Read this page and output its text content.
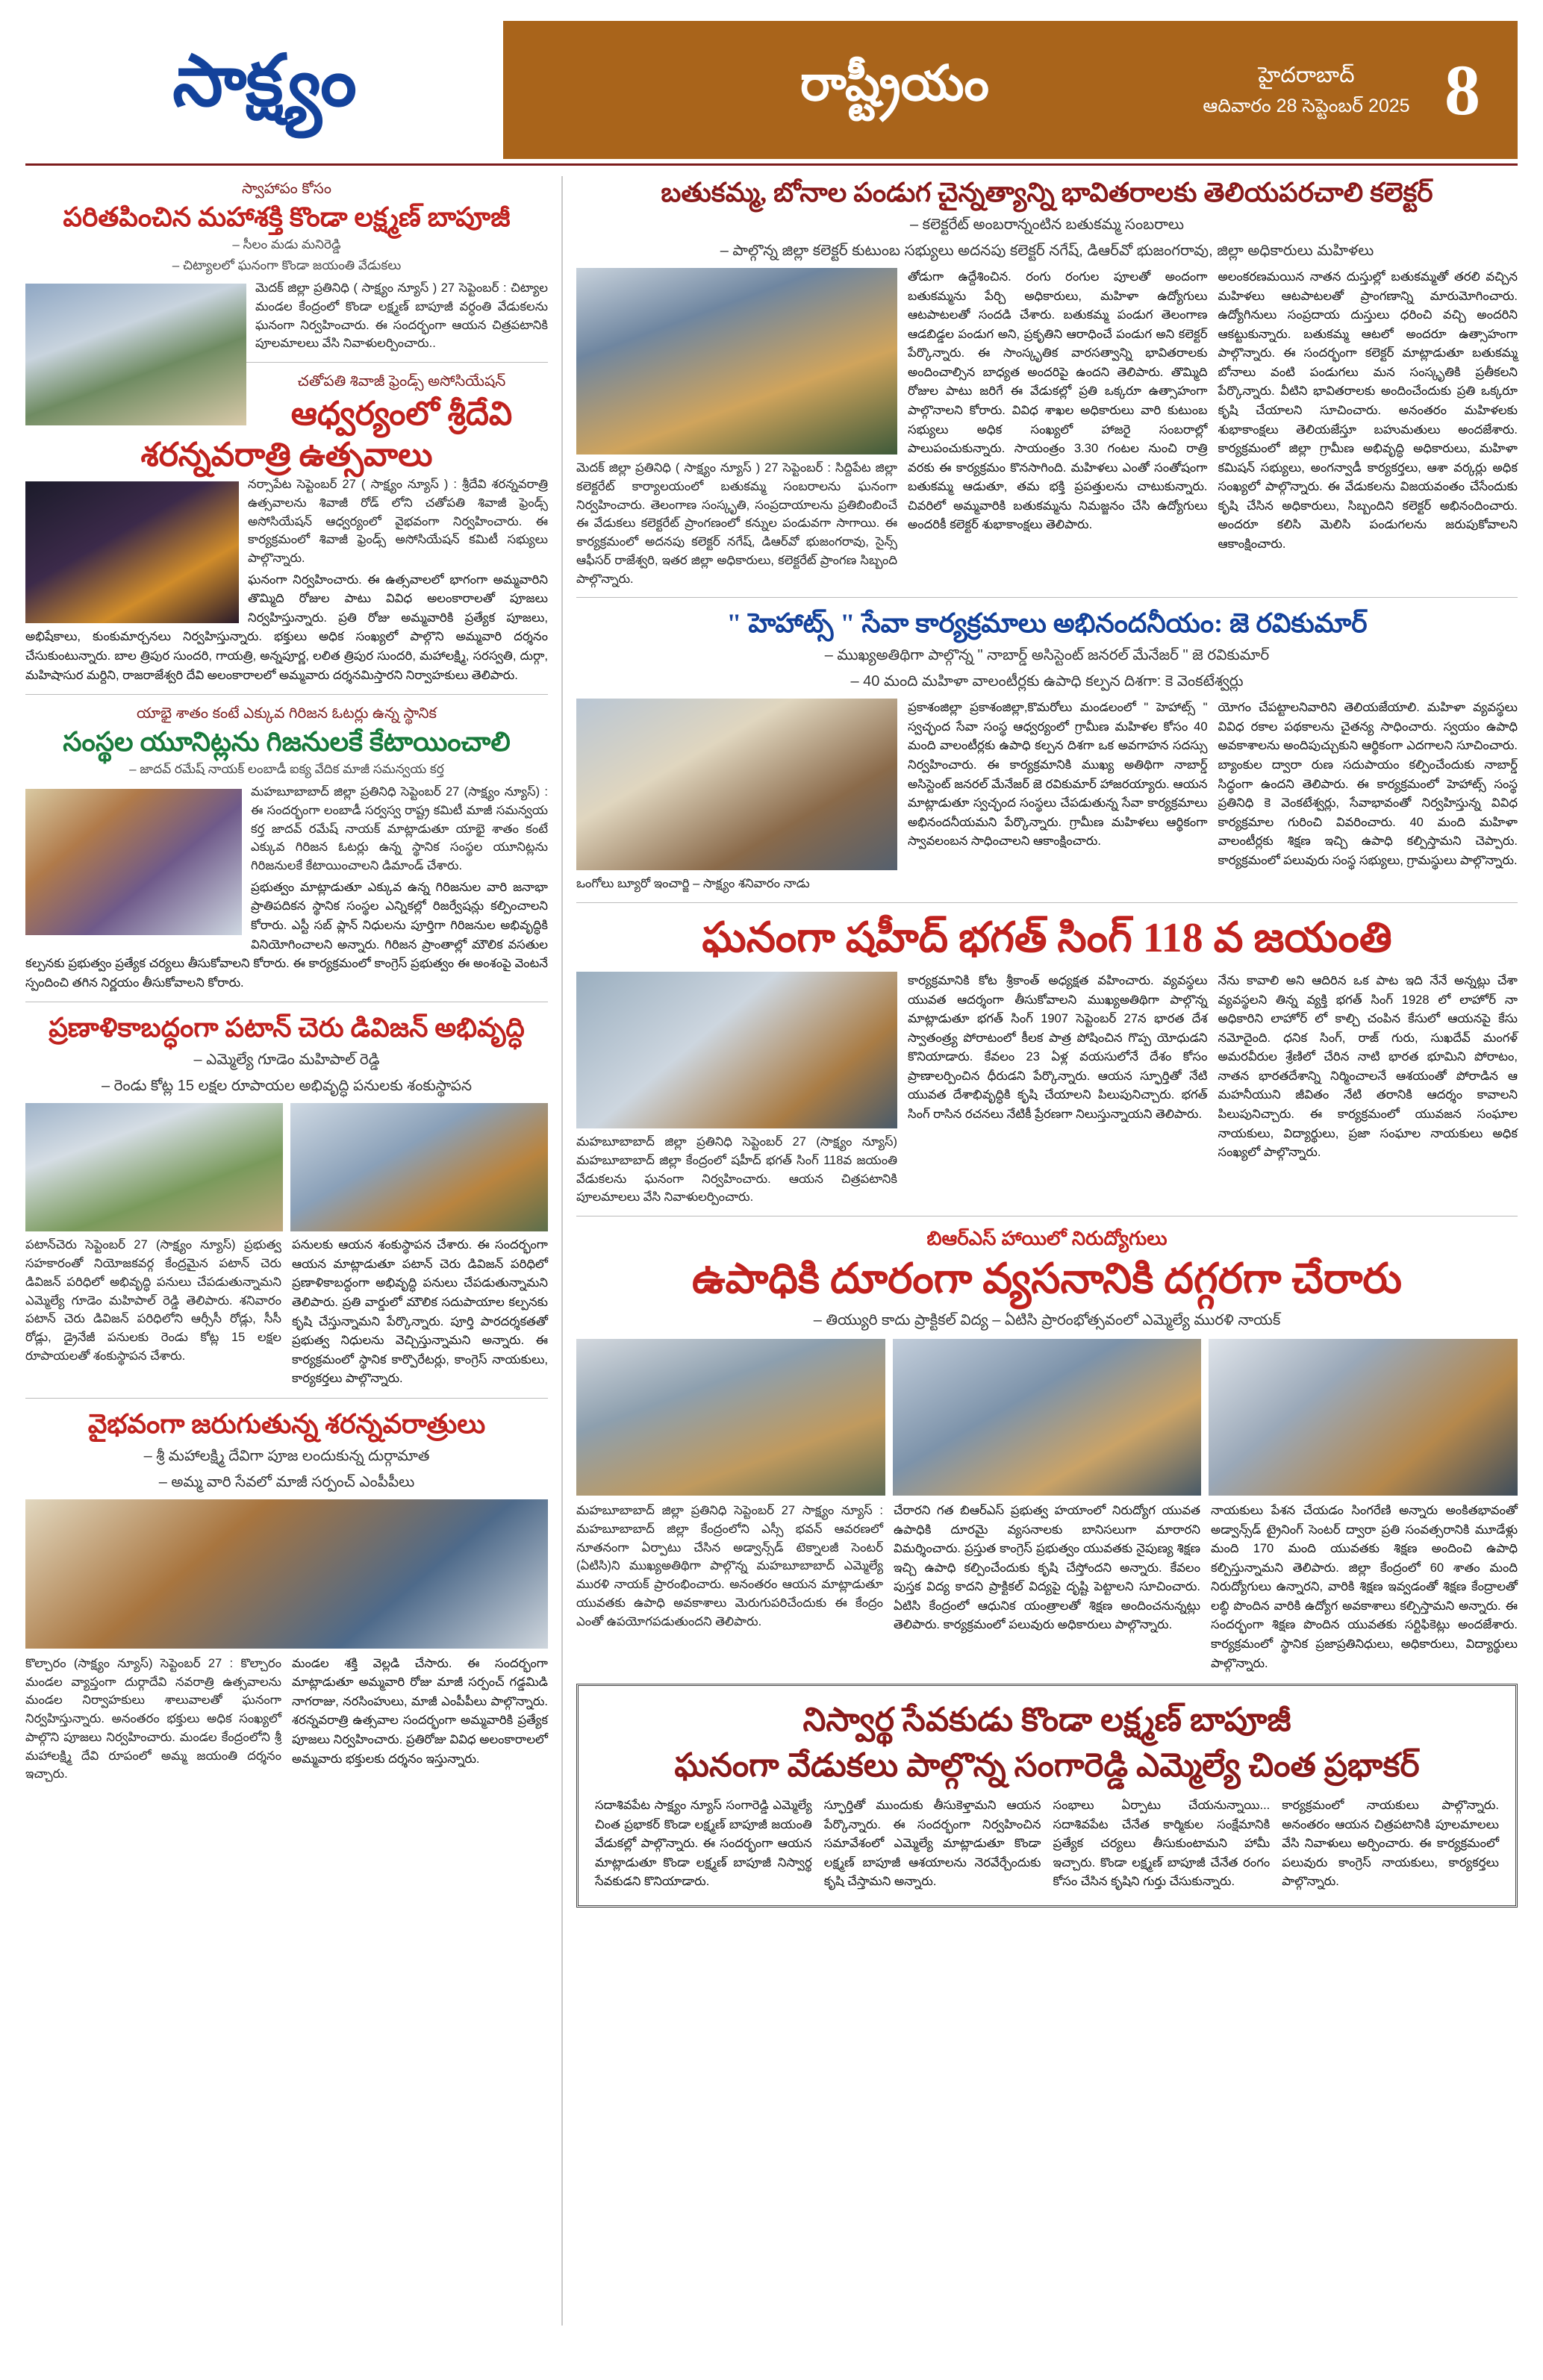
సాక్ష్యం	రాష్ట్రీయం	హైదరాబాద్
ఆదివారం 28 సెప్టెంబర్ 2025 8
స్వాహాపం కోసం
పరితపించిన మహాశక్తి కొండా లక్ష్మణ్ బాపూజీ
– సీలం మడు మనిరెడ్డి
– చిట్యాలలో ఘనంగా కొండా జయంతి వేడుకలు
మెదక్ జిల్లా ప్రతినిధి ( సాక్ష్యం న్యూస్ ) 27 సెప్టెంబర్ : చిట్యాల మండల కేంద్రంలో కొండా లక్ష్మణ్ బాపూజీ వర్ధంతి వేడుకలను ఘనంగా నిర్వహించారు. ఈ సందర్భంగా ఆయన చిత్రపటానికి పూలమాలలు వేసి నివాళులర్పించారు..
చతోపతి శివాజీ ఫ్రెండ్స్ అసోసియేషన్
ఆధ్వర్యంలో శ్రీదేవి శరన్నవరాత్రి ఉత్సవాలు
నర్సాపేట సెప్టెంబర్ 27 ( సాక్ష్యం న్యూస్ ) : శ్రీదేవి శరన్నవరాత్రి ఉత్సవాలను శివాజీ రోడ్ లోని చతోపతి శివాజీ ఫ్రెండ్స్ అసోసియేషన్ ఆధ్వర్యంలో వైభవంగా నిర్వహించారు. ఈ కార్యక్రమంలో శివాజీ ఫ్రెండ్స్ అసోసియేషన్ కమిటీ సభ్యులు పాల్గొన్నారు.
ఘనంగా నిర్వహించారు. ఈ ఉత్సవాలలో భాగంగా అమ్మవారిని తొమ్మిది రోజుల పాటు వివిధ అలంకారాలతో పూజలు నిర్వహిస్తున్నారు. ప్రతి రోజు అమ్మవారికి ప్రత్యేక పూజలు, అభిషేకాలు, కుంకుమార్చనలు నిర్వహిస్తున్నారు. భక్తులు అధిక సంఖ్యలో పాల్గొని అమ్మవారి దర్శనం చేసుకుంటున్నారు. బాల త్రిపుర సుందరి, గాయత్రి, అన్నపూర్ణ, లలిత త్రిపుర సుందరి, మహాలక్ష్మి, సరస్వతి, దుర్గా, మహిషాసుర మర్దిని, రాజరాజేశ్వరి దేవి అలంకారాలలో అమ్మవారు దర్శనమిస్తారని నిర్వాహకులు తెలిపారు.
యాభై శాతం కంటే ఎక్కువ గిరిజన ఓటర్లు ఉన్న స్థానిక
సంస్థల యూనిట్లను గిజనులకే కేటాయించాలి
– జాదవ్ రమేష్ నాయక్ లంబాడీ ఐక్య వేదిక మాజీ సమన్వయ కర్త
మహబూబాబాద్ జిల్లా ప్రతినిధి సెప్టెంబర్ 27 (సాక్ష్యం న్యూస్) : ఈ సందర్భంగా లంబాడీ సర్వస్వ రాష్ట్ర కమిటీ మాజీ సమన్వయ కర్త జాదవ్ రమేష్ నాయక్ మాట్లాడుతూ యాభై శాతం కంటే ఎక్కువ గిరిజన ఓటర్లు ఉన్న స్థానిక సంస్థల యూనిట్లను గిరిజనులకే కేటాయించాలని డిమాండ్ చేశారు.
ప్రభుత్వం మాట్లాడుతూ ఎక్కువ ఉన్న గిరిజనుల వారి జనాభా ప్రాతిపదికన స్థానిక సంస్థల ఎన్నికల్లో రిజర్వేషన్లు కల్పించాలని కోరారు. ఎస్టీ సబ్ ప్లాన్ నిధులను పూర్తిగా గిరిజనుల అభివృద్ధికి వినియోగించాలని అన్నారు. గిరిజన ప్రాంతాల్లో మౌలిక వసతుల కల్పనకు ప్రభుత్వం ప్రత్యేక చర్యలు తీసుకోవాలని కోరారు. ఈ కార్యక్రమంలో కాంగ్రెస్ ప్రభుత్వం ఈ అంశంపై వెంటనే స్పందించి తగిన నిర్ణయం తీసుకోవాలని కోరారు.
ప్రణాళికాబద్ధంగా పటాన్ చెరు డివిజన్ అభివృద్ధి
– ఎమ్మెల్యే గూడెం మహిపాల్ రెడ్డి
– రెండు కోట్ల 15 లక్షల రూపాయల అభివృద్ధి పనులకు శంకుస్థాపన
పటాన్‌చెరు సెప్టెంబర్ 27 (సాక్ష్యం న్యూస్) ప్రభుత్వ సహకారంతో నియోజకవర్గ కేంద్రమైన పటాన్ చెరు డివిజన్ పరిధిలో అభివృద్ధి పనులు చేపడుతున్నామని ఎమ్మెల్యే గూడెం మహిపాల్ రెడ్డి తెలిపారు. శనివారం పటాన్ చెరు డివిజన్ పరిధిలోని ఆర్సీసీ రోడ్లు, సీసీ రోడ్లు, డ్రైనేజీ పనులకు రెండు కోట్ల 15 లక్షల రూపాయలతో శంకుస్థాపన చేశారు.
పనులకు ఆయన శంకుస్థాపన చేశారు. ఈ సందర్భంగా ఆయన మాట్లాడుతూ పటాన్ చెరు డివిజన్ పరిధిలో ప్రణాళికాబద్ధంగా అభివృద్ధి పనులు చేపడుతున్నామని తెలిపారు. ప్రతి వార్డులో మౌలిక సదుపాయాల కల్పనకు కృషి చేస్తున్నామని పేర్కొన్నారు. పూర్తి పారదర్శకతతో ప్రభుత్వ నిధులను వెచ్చిస్తున్నామని అన్నారు. ఈ కార్యక్రమంలో స్థానిక కార్పొరేటర్లు, కాంగ్రెస్ నాయకులు, కార్యకర్తలు పాల్గొన్నారు.
వైభవంగా జరుగుతున్న శరన్నవరాత్రులు
– శ్రీ మహాలక్ష్మి దేవిగా పూజ లందుకున్న దుర్గామాత
– అమ్మ వారి సేవలో మాజీ సర్పంచ్ ఎంపీపీలు
కొల్చారం (సాక్ష్యం న్యూస్) సెప్టెంబర్ 27 : కొల్చారం మండల వ్యాప్తంగా దుర్గాదేవి నవరాత్రి ఉత్సవాలను మండల నిర్వాహకులు శాలువాలతో ఘనంగా నిర్వహిస్తున్నారు. అనంతరం భక్తులు అధిక సంఖ్యలో పాల్గొని పూజలు నిర్వహించారు. మండల కేంద్రంలోని శ్రీ మహాలక్ష్మి దేవి రూపంలో అమ్మ జయంతి దర్శనం ఇచ్చారు.
మండల శక్తి వెల్లడి చేసారు. ఈ సందర్భంగా మాట్లాడుతూ అమ్మవారి రోజు మాజీ సర్పంచ్ గడ్డమిడి నాగరాజు, నరసింహులు, మాజీ ఎంపీపీలు పాల్గొన్నారు. శరన్నవరాత్రి ఉత్సవాల సందర్భంగా అమ్మవారికి ప్రత్యేక పూజలు నిర్వహించారు. ప్రతిరోజు వివిధ అలంకారాలలో అమ్మవారు భక్తులకు దర్శనం ఇస్తున్నారు.
బతుకమ్మ, బోనాల పండుగ చైన్నత్యాన్ని భావితరాలకు తెలియపరచాలి కలెక్టర్
– కలెక్టరేట్ అంబరాన్నంటిన బతుకమ్మ సంబరాలు
– పాల్గొన్న జిల్లా కలెక్టర్ కుటుంబ సభ్యులు అదనపు కలెక్టర్ నగేష్, డిఆర్‌వో భుజంగరావు, జిల్లా అధికారులు మహిళలు
మెదక్ జిల్లా ప్రతినిధి ( సాక్ష్యం న్యూస్ ) 27 సెప్టెంబర్ : సిద్దిపేట జిల్లా కలెక్టరేట్ కార్యాలయంలో బతుకమ్మ సంబరాలను ఘనంగా నిర్వహించారు. తెలంగాణ సంస్కృతి, సంప్రదాయాలను ప్రతిబింబించే ఈ వేడుకలు కలెక్టరేట్ ప్రాంగణంలో కన్నుల పండువగా సాగాయి. ఈ కార్యక్రమంలో అదనపు కలెక్టర్ నగేష్, డిఆర్‌వో భుజంగరావు, సైన్స్ ఆఫీసర్ రాజేశ్వరి, ఇతర జిల్లా అధికారులు, కలెక్టరేట్ ప్రాంగణ సిబ్బంది పాల్గొన్నారు.
తోడుగా ఉద్దేశించిన. రంగు రంగుల పూలతో అందంగా బతుకమ్మను పేర్చి అధికారులు, మహిళా ఉద్యోగులు ఆటపాటలతో సందడి చేశారు. బతుకమ్మ పండుగ తెలంగాణ ఆడబిడ్డల పండుగ అని, ప్రకృతిని ఆరాధించే పండుగ అని కలెక్టర్ పేర్కొన్నారు. ఈ సాంస్కృతిక వారసత్వాన్ని భావితరాలకు అందించాల్సిన బాధ్యత అందరిపై ఉందని తెలిపారు. తొమ్మిది రోజుల పాటు జరిగే ఈ వేడుకల్లో ప్రతి ఒక్కరూ ఉత్సాహంగా పాల్గొనాలని కోరారు. వివిధ శాఖల అధికారులు వారి కుటుంబ సభ్యులు అధిక సంఖ్యలో హాజరై సంబరాల్లో పాలుపంచుకున్నారు. సాయంత్రం 3.30 గంటల నుంచి రాత్రి వరకు ఈ కార్యక్రమం కొనసాగింది. మహిళలు ఎంతో సంతోషంగా బతుకమ్మ ఆడుతూ, తమ భక్తి ప్రపత్తులను చాటుకున్నారు. చివరిలో అమ్మవారికి బతుకమ్మను నిమజ్జనం చేసి ఉద్యోగులు అందరికీ కలెక్టర్ శుభాకాంక్షలు తెలిపారు.
అలంకరణమయిన నాతన దుస్తుల్లో బతుకమ్మతో తరలి వచ్చిన మహిళలు ఆటపాటలతో ప్రాంగణాన్ని మారుమోగించారు. ఉద్యోగినులు సంప్రదాయ దుస్తులు ధరించి వచ్చి అందరిని ఆకట్టుకున్నారు. బతుకమ్మ ఆటలో అందరూ ఉత్సాహంగా పాల్గొన్నారు. ఈ సందర్భంగా కలెక్టర్ మాట్లాడుతూ బతుకమ్మ బోనాలు వంటి పండుగలు మన సంస్కృతికి ప్రతీకలని పేర్కొన్నారు. వీటిని భావితరాలకు అందించేందుకు ప్రతి ఒక్కరూ కృషి చేయాలని సూచించారు. అనంతరం మహిళలకు శుభాకాంక్షలు తెలియజేస్తూ బహుమతులు అందజేశారు. కార్యక్రమంలో జిల్లా గ్రామీణ అభివృద్ధి అధికారులు, మహిళా కమిషన్ సభ్యులు, అంగన్వాడీ కార్యకర్తలు, ఆశా వర్కర్లు అధిక సంఖ్యలో పాల్గొన్నారు. ఈ వేడుకలను విజయవంతం చేసేందుకు కృషి చేసిన అధికారులు, సిబ్బందిని కలెక్టర్ అభినందించారు. అందరూ కలిసి మెలిసి పండుగలను జరుపుకోవాలని ఆకాంక్షించారు.
" హెహాట్స్ " సేవా కార్యక్రమాలు అభినందనీయం: జె రవికుమార్
– ముఖ్యఅతిథిగా పాల్గొన్న " నాబార్డ్ అసిస్టెంట్ జనరల్ మేనేజర్ " జె రవికుమార్
– 40 మంది మహిళా వాలంటీర్లకు ఉపాధి కల్పన దిశగా: కె వెంకటేశ్వర్లు
ఒంగోలు బ్యూరో ఇంచార్జి – సాక్ష్యం శనివారం నాడు
ప్రకాశంజిల్లా ప్రకాశంజిల్లా,కొమరోలు మండలంలో " హెహాట్స్ " స్వచ్ఛంద సేవా సంస్థ ఆధ్వర్యంలో గ్రామీణ మహిళల కోసం 40 మంది వాలంటీర్లకు ఉపాధి కల్పన దిశగా ఒక అవగాహన సదస్సు నిర్వహించారు. ఈ కార్యక్రమానికి ముఖ్య అతిథిగా నాబార్డ్ అసిస్టెంట్ జనరల్ మేనేజర్ జె రవికుమార్ హాజరయ్యారు. ఆయన మాట్లాడుతూ స్వచ్ఛంద సంస్థలు చేపడుతున్న సేవా కార్యక్రమాలు అభినందనీయమని పేర్కొన్నారు. గ్రామీణ మహిళలు ఆర్థికంగా స్వావలంబన సాధించాలని ఆకాంక్షించారు.
యోగం చేపట్టాలనివారిని తెలియజేయాలి. మహిళా వ్యవస్థలు వివిధ రకాల పథకాలను చైతన్య సాధించారు. స్వయం ఉపాధి అవకాశాలను అందిపుచ్చుకుని ఆర్థికంగా ఎదగాలని సూచించారు. బ్యాంకుల ద్వారా రుణ సదుపాయం కల్పించేందుకు నాబార్డ్ సిద్ధంగా ఉందని తెలిపారు. ఈ కార్యక్రమంలో హెహాట్స్ సంస్థ ప్రతినిధి కె వెంకటేశ్వర్లు, సేవాభావంతో నిర్వహిస్తున్న వివిధ కార్యక్రమాల గురించి వివరించారు. 40 మంది మహిళా వాలంటీర్లకు శిక్షణ ఇచ్చి ఉపాధి కల్పిస్తామని చెప్పారు. కార్యక్రమంలో పలువురు సంస్థ సభ్యులు, గ్రామస్థులు పాల్గొన్నారు.
ఘనంగా షహీద్ భగత్ సింగ్ 118 వ జయంతి
మహబూబాబాద్ జిల్లా ప్రతినిధి సెప్టెంబర్ 27 (సాక్ష్యం న్యూస్) మహబూబాబాద్ జిల్లా కేంద్రంలో షహీద్ భగత్ సింగ్ 118వ జయంతి వేడుకలను ఘనంగా నిర్వహించారు. ఆయన చిత్రపటానికి పూలమాలలు వేసి నివాళులర్పించారు.
కార్యక్రమానికి కోట శ్రీకాంత్ అధ్యక్షత వహించారు. వ్యవస్థలు యువత ఆదర్శంగా తీసుకోవాలని ముఖ్యఅతిథిగా పాల్గొన్న మాట్లాడుతూ భగత్ సింగ్ 1907 సెప్టెంబర్ 27న భారత దేశ స్వాతంత్ర్య పోరాటంలో కీలక పాత్ర పోషించిన గొప్ప యోధుడని కొనియాడారు. కేవలం 23 ఏళ్ల వయసులోనే దేశం కోసం ప్రాణాలర్పించిన ధీరుడని పేర్కొన్నారు. ఆయన స్ఫూర్తితో నేటి యువత దేశాభివృద్ధికి కృషి చేయాలని పిలుపునిచ్చారు. భగత్ సింగ్ రాసిన రచనలు నేటికీ ప్రేరణగా నిలుస్తున్నాయని తెలిపారు.
నేను కావాలి అని ఆదిరిన ఒక పాట ఇది నేనే అన్నట్లు చేశా వ్యవస్థలని తిన్న వ్యక్తి భగత్ సింగ్ 1928 లో లాహోర్ నా అధికారిని లాహోర్ లో కాల్చి చంపిన కేసులో ఆయనపై కేసు నమోదైంది. ధనిక సింగ్, రాజ్ గురు, సుఖదేవ్ మంగళ్ అమరవీరుల శ్రేణిలో చేరిన నాటి భారత భూమిని పోరాటం, నాతన భారతదేశాన్ని నిర్మించాలనే ఆశయంతో పోరాడిన ఆ మహనీయుని జీవితం నేటి తరానికి ఆదర్శం కావాలని పిలుపునిచ్చారు. ఈ కార్యక్రమంలో యువజన సంఘాల నాయకులు, విద్యార్థులు, ప్రజా సంఘాల నాయకులు అధిక సంఖ్యలో పాల్గొన్నారు.
బిఆర్ఎస్ హాయిలో నిరుద్యోగులు
ఉపాధికి దూరంగా వ్యసనానికి దగ్గరగా చేరారు
– తియ్యురి కాదు ప్రాక్టికల్ విద్య – ఏటిసి ప్రారంభోత్సవంలో ఎమ్మెల్యే మురళి నాయక్
మహబూబాబాద్ జిల్లా ప్రతినిధి సెప్టెంబర్ 27 సాక్ష్యం న్యూస్ : మహబూబాబాద్ జిల్లా కేంద్రంలోని ఎస్సీ భవన్ ఆవరణలో నూతనంగా ఏర్పాటు చేసిన అడ్వాన్స్‌డ్ టెక్నాలజీ సెంటర్ (ఏటిసి)ని ముఖ్యఅతిథిగా పాల్గొన్న మహబూబాబాద్ ఎమ్మెల్యే మురళి నాయక్ ప్రారంభించారు. అనంతరం ఆయన మాట్లాడుతూ యువతకు ఉపాధి అవకాశాలు మెరుగుపరిచేందుకు ఈ కేంద్రం ఎంతో ఉపయోగపడుతుందని తెలిపారు.
చేరారని గత బిఆర్ఎస్ ప్రభుత్వ హయాంలో నిరుద్యోగ యువత ఉపాధికి దూరమై వ్యసనాలకు బానిసలుగా మారారని విమర్శించారు. ప్రస్తుత కాంగ్రెస్ ప్రభుత్వం యువతకు నైపుణ్య శిక్షణ ఇచ్చి ఉపాధి కల్పించేందుకు కృషి చేస్తోందని అన్నారు. కేవలం పుస్తక విద్య కాదని ప్రాక్టికల్ విద్యపై దృష్టి పెట్టాలని సూచించారు. ఏటిసి కేంద్రంలో ఆధునిక యంత్రాలతో శిక్షణ అందించనున్నట్లు తెలిపారు. కార్యక్రమంలో పలువురు అధికారులు పాల్గొన్నారు.
నాయకులు పేశన చేయడం సింగరేణి అన్నారు అంకితభావంతో అడ్వాన్స్‌డ్ ట్రైనింగ్ సెంటర్ ద్వారా ప్రతి సంవత్సరానికి మూడేళ్లు మంది 170 మంది యువతకు శిక్షణ అందించి ఉపాధి కల్పిస్తున్నామని తెలిపారు. జిల్లా కేంద్రంలో 60 శాతం మంది నిరుద్యోగులు ఉన్నారని, వారికి శిక్షణ ఇవ్వడంతో శిక్షణ కేంద్రాలతో లబ్ధి పొందిన వారికి ఉద్యోగ అవకాశాలు కల్పిస్తామని అన్నారు. ఈ సందర్భంగా శిక్షణ పొందిన యువతకు సర్టిఫికెట్లు అందజేశారు. కార్యక్రమంలో స్థానిక ప్రజాప్రతినిధులు, అధికారులు, విద్యార్థులు పాల్గొన్నారు.
నిస్వార్థ సేవకుడు కొండా లక్ష్మణ్ బాపూజీ
ఘనంగా వేడుకలు పాల్గొన్న సంగారెడ్డి ఎమ్మెల్యే చింత ప్రభాకర్
సదాశివపేట సాక్ష్యం న్యూస్ సంగారెడ్డి ఎమ్మెల్యే చింత ప్రభాకర్ కొండా లక్ష్మణ్ బాపూజీ జయంతి వేడుకల్లో పాల్గొన్నారు. ఈ సందర్భంగా ఆయన మాట్లాడుతూ కొండా లక్ష్మణ్ బాపూజీ నిస్వార్థ సేవకుడని కొనియాడారు.
స్ఫూర్తితో ముందుకు తీసుకెళ్తామని ఆయన పేర్కొన్నారు. ఈ సందర్భంగా నిర్వహించిన సమావేశంలో ఎమ్మెల్యే మాట్లాడుతూ కొండా లక్ష్మణ్ బాపూజీ ఆశయాలను నెరవేర్చేందుకు కృషి చేస్తామని అన్నారు.
సంభాలు ఏర్పాటు చేయనున్నాయి... సదాశివపేట చేనేత కార్మికుల సంక్షేమానికి ప్రత్యేక చర్యలు తీసుకుంటామని హామీ ఇచ్చారు. కొండా లక్ష్మణ్ బాపూజీ చేనేత రంగం కోసం చేసిన కృషిని గుర్తు చేసుకున్నారు.
కార్యక్రమంలో నాయకులు పాల్గొన్నారు. అనంతరం ఆయన చిత్రపటానికి పూలమాలలు వేసి నివాళులు అర్పించారు. ఈ కార్యక్రమంలో పలువురు కాంగ్రెస్ నాయకులు, కార్యకర్తలు పాల్గొన్నారు.
